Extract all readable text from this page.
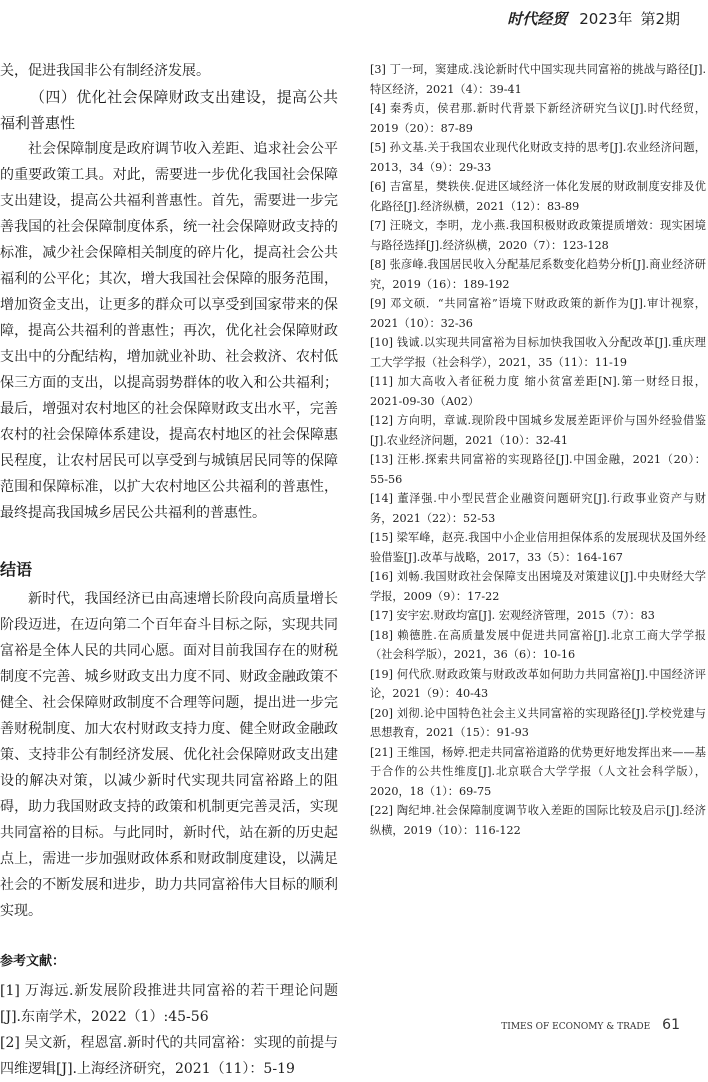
时代经贸 2023年 第2期

关，促进我国非公有制经济发展。

（四）优化社会保障财政支出建设，提高公共福利普惠性

社会保障制度是政府调节收入差距、追求社会公平的重要政策工具。对此，需要进一步优化我国社会保障支出建设，提高公共福利普惠性。首先，需要进一步完善我国的社会保障制度体系，统一社会保障财政支持的标准，减少社会保障相关制度的碎片化，提高社会公共福利的公平化；其次，增大我国社会保障的服务范围，增加资金支出，让更多的群众可以享受到国家带来的保障，提高公共福利的普惠性；再次，优化社会保障财政支出中的分配结构，增加就业补助、社会救济、农村低保三方面的支出，以提高弱势群体的收入和公共福利；最后，增强对农村地区的社会保障财政支出水平，完善农村的社会保障体系建设，提高农村地区的社会保障惠民程度，让农村居民可以享受到与城镇居民同等的保障范围和保障标准，以扩大农村地区公共福利的普惠性，最终提高我国城乡居民公共福利的普惠性。

结语

新时代，我国经济已由高速增长阶段向高质量增长阶段迈进，在迈向第二个百年奋斗目标之际，实现共同富裕是全体人民的共同心愿。面对目前我国存在的财税制度不完善、城乡财政支出力度不同、财政金融政策不健全、社会保障财政制度不合理等问题，提出进一步完善财税制度、加大农村财政支持力度、健全财政金融政策、支持非公有制经济发展、优化社会保障财政支出建设的解决对策，以减少新时代实现共同富裕路上的阻碍，助力我国财政支持的政策和机制更完善灵活，实现共同富裕的目标。与此同时，新时代，站在新的历史起点上，需进一步加强财政体系和财政制度建设，以满足社会的不断发展和进步，助力共同富裕伟大目标的顺利实现。

参考文献：

[1] 万海远.新发展阶段推进共同富裕的若干理论问题[J].东南学术，2022（1）:45-56

[2] 吴文新，程恩富.新时代的共同富裕：实现的前提与四维逻辑[J].上海经济研究，2021（11）：5-19

[3] 丁一珂，窦建成.浅论新时代中国实现共同富裕的挑战与路径[J].特区经济，2021（4）：39-41

[4] 秦秀贞，侯君那.新时代背景下新经济研究刍议[J].时代经贸，2019（20）：87-89

[5] 孙文基.关于我国农业现代化财政支持的思考[J].农业经济问题，2013，34（9）：29-33

[6] 吉富星，樊轶侠.促进区域经济一体化发展的财政制度安排及优化路径[J].经济纵横，2021（12）：83-89

[7] 汪晓文，李明，龙小燕.我国积极财政政策提质增效：现实困境与路径选择[J].经济纵横，2020（7）：123-128

[8] 张彦峰.我国居民收入分配基尼系数变化趋势分析[J].商业经济研究，2019（16）：189-192

[9] 邓文硕．“共同富裕”语境下财政政策的新作为[J].审计视察，2021（10）：32-36

[10] 钱诚.以实现共同富裕为目标加快我国收入分配改革[J].重庆理工大学学报（社会科学），2021，35（11）：11-19

[11] 加大高收入者征税力度 缩小贫富差距[N].第一财经日报，2021-09-30（A02）

[12] 方向明，章诚.现阶段中国城乡发展差距评价与国外经验借鉴[J].农业经济问题，2021（10）：32-41

[13] 汪彬.探索共同富裕的实现路径[J].中国金融，2021（20）：55-56

[14] 董泽强.中小型民营企业融资问题研究[J].行政事业资产与财务，2021（22）：52-53

[15] 梁军峰，赵亮.我国中小企业信用担保体系的发展现状及国外经验借鉴[J].改革与战略，2017，33（5）：164-167

[16] 刘畅.我国财政社会保障支出困境及对策建议[J].中央财经大学学报，2009（9）：17-22

[17] 安宇宏.财政均富[J]. 宏观经济管理，2015（7）：83

[18] 赖德胜.在高质量发展中促进共同富裕[J].北京工商大学学报（社会科学版），2021，36（6）：10-16

[19] 何代欣.财政政策与财政改革如何助力共同富裕[J].中国经济评论，2021（9）：40-43

[20] 刘彻.论中国特色社会主义共同富裕的实现路径[J].学校党建与思想教育，2021（15）：91-93

[21] 王维国，杨婷.把走共同富裕道路的优势更好地发挥出来——基于合作的公共性维度[J].北京联合大学学报（人文社会科学版），2020，18（1）：69-75

[22] 陶纪坤.社会保障制度调节收入差距的国际比较及启示[J].经济纵横，2019（10）：116-122

TIMES OF ECONOMY & TRADE 61
